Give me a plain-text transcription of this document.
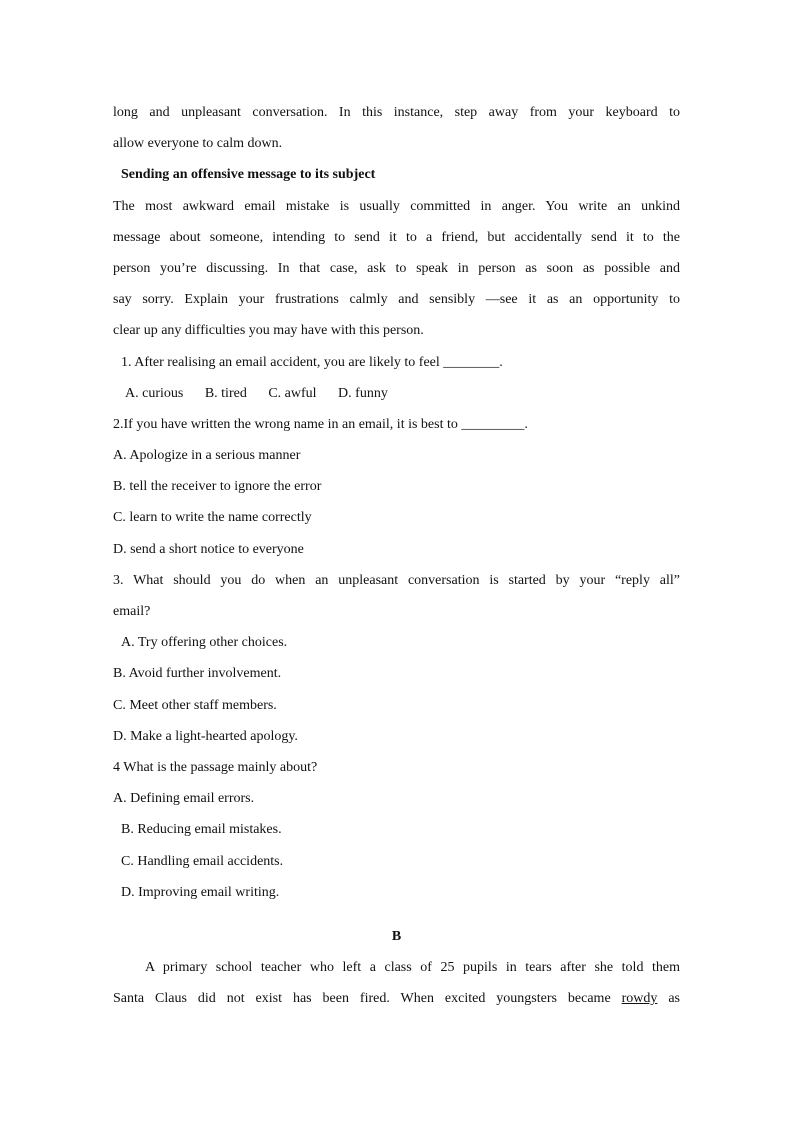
long and unpleasant conversation. In this instance, step away from your keyboard to
allow everyone to calm down.
Sending an offensive message to its subject
The most awkward email mistake is usually committed in anger. You write an unkind
message about someone, intending to send it to a friend, but accidentally send it to the
person you’re discussing. In that case, ask to speak in person as soon as possible and
say sorry. Explain your frustrations calmly and sensibly —see it as an opportunity to
clear up any difficulties you may have with this person.
1. After realising an email accident, you are likely to feel ________.
A. curious B. tired C. awful D. funny
2.If you have written the wrong name in an email, it is best to _________.
A. Apologize in a serious manner
B. tell the receiver to ignore the error
C. learn to write the name correctly
D. send a short notice to everyone
3. What should you do when an unpleasant conversation is started by your “reply all”
email?
A. Try offering other choices.
B. Avoid further involvement.
C. Meet other staff members.
D. Make a light-hearted apology.
4 What is the passage mainly about?
A. Defining email errors.
B. Reducing email mistakes.
C. Handling email accidents.
D. Improving email writing.
B
A primary school teacher who left a class of 25 pupils in tears after she told them
Santa Claus did not exist has been fired. When excited youngsters became rowdy as
